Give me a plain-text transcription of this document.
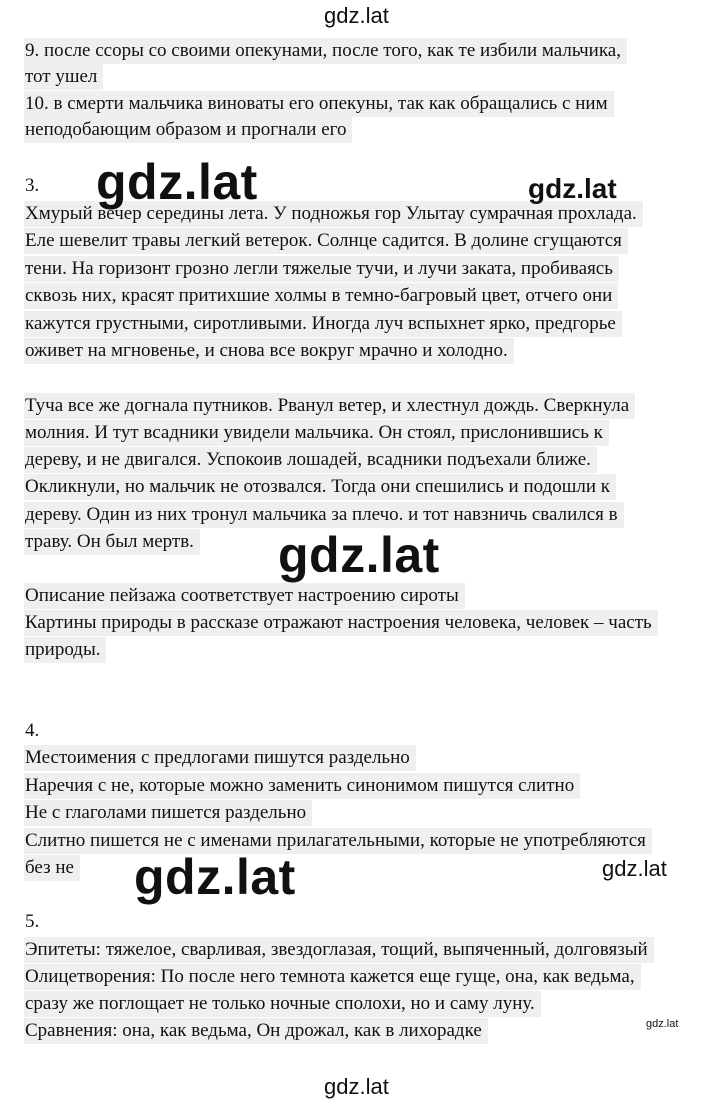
gdz.lat
9. после ссоры со своими опекунами, после того, как те избили мальчика,
тот ушел
10. в смерти мальчика виноваты его опекуны, так как обращались с ним
неподобающим образом и прогнали его
3.
Хмурый вечер середины лета. У подножья гор Улытау сумрачная прохлада.
Еле шевелит травы легкий ветерок. Солнце садится. В долине сгущаются
тени. На горизонт грозно легли тяжелые тучи, и лучи заката, пробиваясь
сквозь них, красят притихшие холмы в темно-багровый цвет, отчего они
кажутся грустными, сиротливыми. Иногда луч вспыхнет ярко, предгорье
оживет на мгновенье, и снова все вокруг мрачно и холодно.
Туча все же догнала путников. Рванул ветер, и хлестнул дождь. Сверкнула
молния. И тут всадники увидели мальчика. Он стоял, прислонившись к
дереву, и не двигался. Успокоив лошадей, всадники подъехали ближе.
Окликнули, но мальчик не отозвался. Тогда они спешились и подошли к
дереву. Один из них тронул мальчика за плечо. и тот навзничь свалился в
траву. Он был мертв.
Описание пейзажа соответствует настроению сироты
Картины природы в рассказе отражают настроения человека, человек – часть
природы.
4.
Местоимения с предлогами пишутся раздельно
Наречия с не, которые можно заменить синонимом пишутся слитно
Не с глаголами пишется раздельно
Слитно пишется не с именами прилагательными, которые не употребляются
без не
5.
Эпитеты: тяжелое, сварливая, звездоглазая, тощий, выпяченный, долговязый
Олицетворения: По после него темнота кажется еще гуще, она, как ведьма,
сразу же поглощает не только ночные сполохи, но и саму луну.
Сравнения: она, как ведьма, Он дрожал, как в лихорадке
gdz.lat	gdz.lat
gdz.lat
gdz.lat	gdz.lat
gdz.lat
gdz.lat
